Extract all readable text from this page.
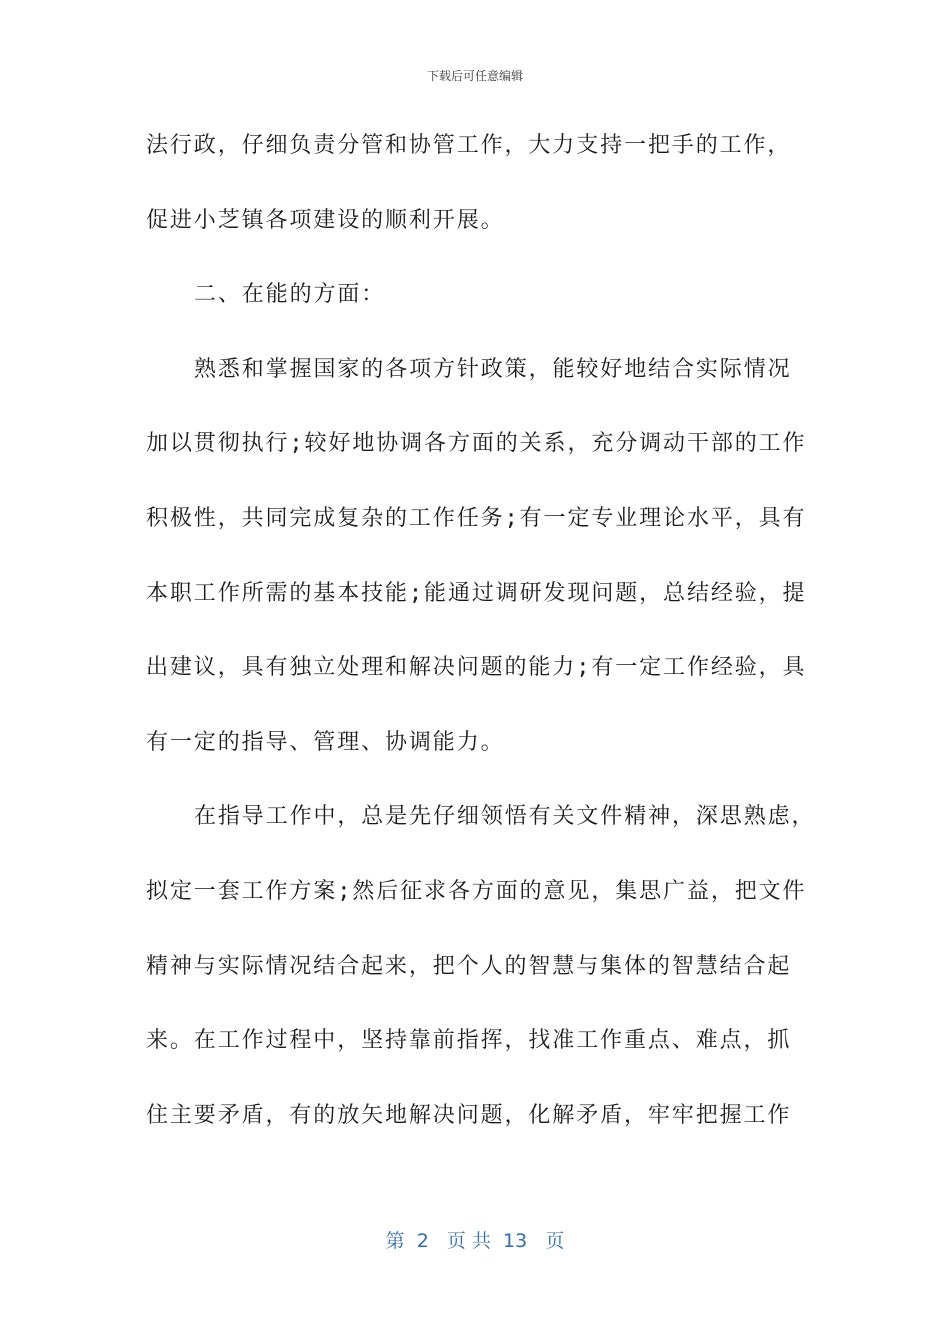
下载后可任意编辑
法行政，仔细负责分管和协管工作，大力支持一把手的工作，
促进小芝镇各项建设的顺利开展。
二、在能的方面：
熟悉和掌握国家的各项方针政策，能较好地结合实际情况
加以贯彻执行;较好地协调各方面的关系，充分调动干部的工作
积极性，共同完成复杂的工作任务;有一定专业理论水平，具有
本职工作所需的基本技能;能通过调研发现问题，总结经验，提
出建议，具有独立处理和解决问题的能力;有一定工作经验，具
有一定的指导、管理、协调能力。
在指导工作中，总是先仔细领悟有关文件精神，深思熟虑，
拟定一套工作方案;然后征求各方面的意见，集思广益，把文件
精神与实际情况结合起来，把个人的智慧与集体的智慧结合起
来。在工作过程中，坚持靠前指挥，找准工作重点、难点，抓
住主要矛盾，有的放矢地解决问题，化解矛盾，牢牢把握工作
第  2   页 共  13   页
